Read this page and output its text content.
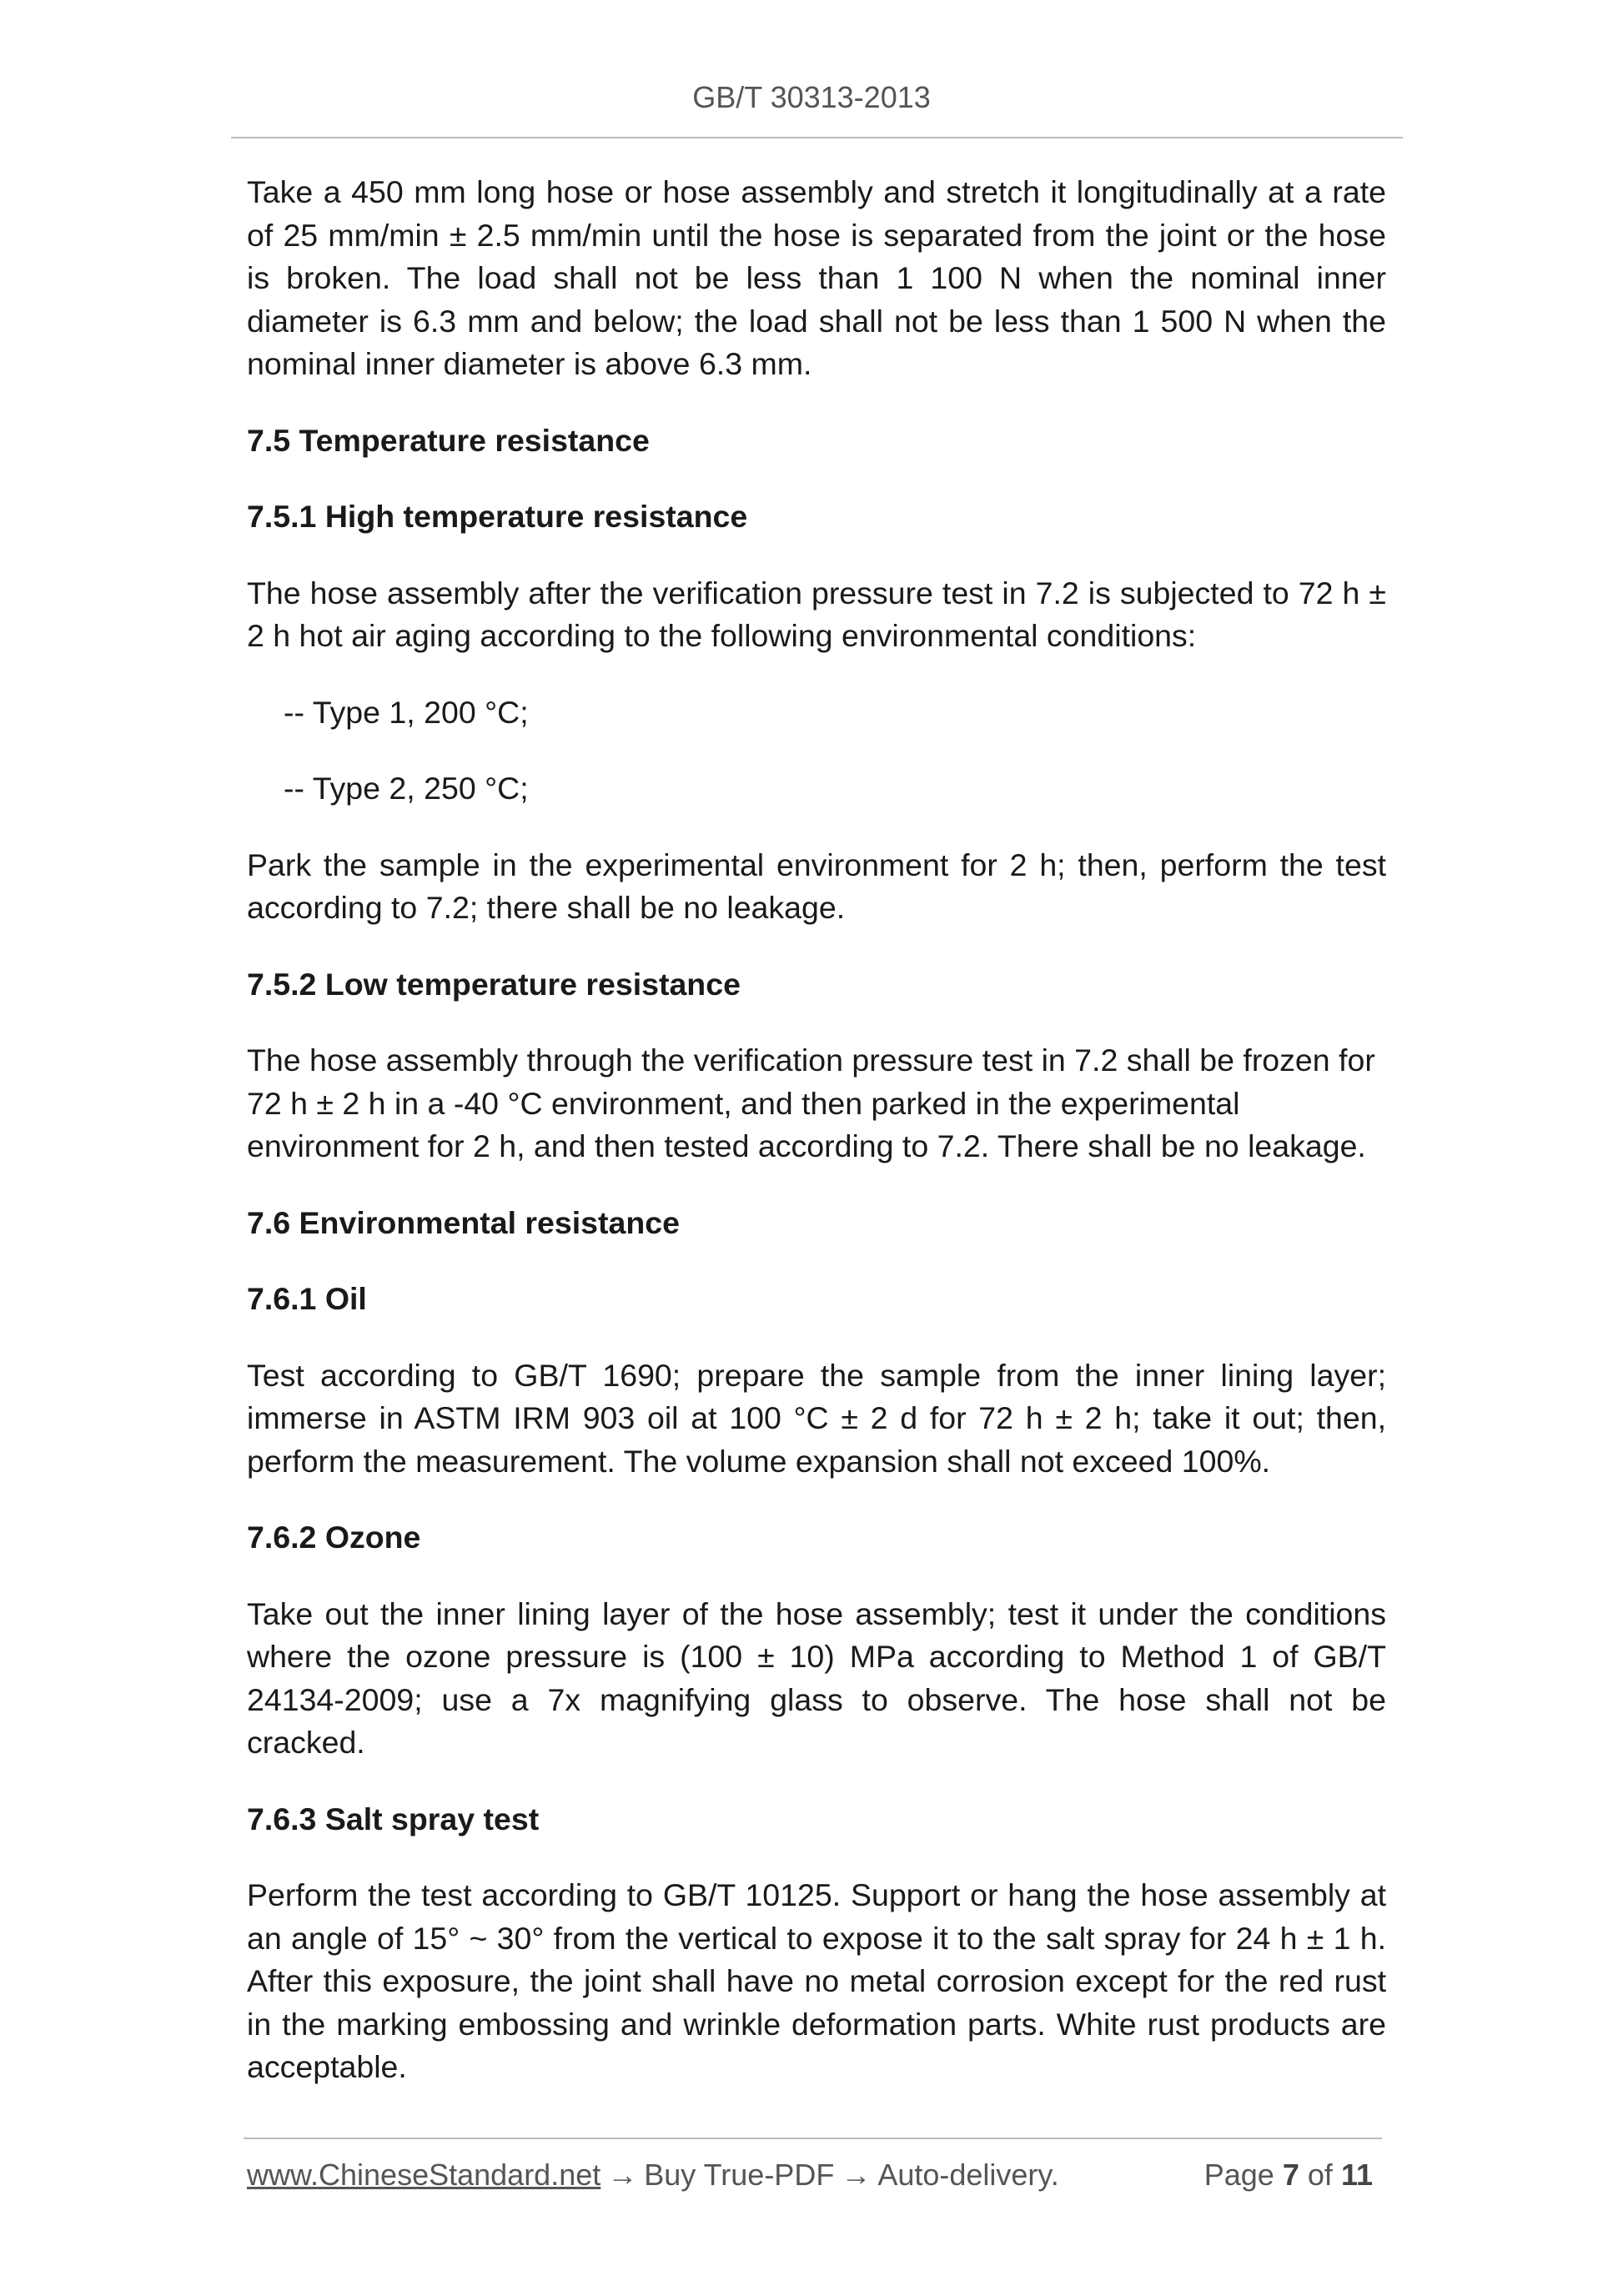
GB/T 30313-2013

Take a 450 mm long hose or hose assembly and stretch it longitudinally at a rate of 25 mm/min ± 2.5 mm/min until the hose is separated from the joint or the hose is broken. The load shall not be less than 1 100 N when the nominal inner diameter is 6.3 mm and below; the load shall not be less than 1 500 N when the nominal inner diameter is above 6.3 mm.

7.5 Temperature resistance
7.5.1 High temperature resistance

The hose assembly after the verification pressure test in 7.2 is subjected to 72 h ± 2 h hot air aging according to the following environmental conditions:

-- Type 1, 200 °C;
-- Type 2, 250 °C;

Park the sample in the experimental environment for 2 h; then, perform the test according to 7.2; there shall be no leakage.

7.5.2 Low temperature resistance

The hose assembly through the verification pressure test in 7.2 shall be frozen for 72 h ± 2 h in a -40 °C environment, and then parked in the experimental environment for 2 h, and then tested according to 7.2. There shall be no leakage.

7.6 Environmental resistance
7.6.1 Oil

Test according to GB/T 1690; prepare the sample from the inner lining layer; immerse in ASTM IRM 903 oil at 100 °C ± 2 d for 72 h ± 2 h; take it out; then, perform the measurement. The volume expansion shall not exceed 100%.

7.6.2 Ozone

Take out the inner lining layer of the hose assembly; test it under the conditions where the ozone pressure is (100 ± 10) MPa according to Method 1 of GB/T 24134-2009; use a 7x magnifying glass to observe. The hose shall not be cracked.

7.6.3 Salt spray test

Perform the test according to GB/T 10125. Support or hang the hose assembly at an angle of 15° ~ 30° from the vertical to expose it to the salt spray for 24 h ± 1 h. After this exposure, the joint shall have no metal corrosion except for the red rust in the marking embossing and wrinkle deformation parts. White rust products are acceptable.

www.ChineseStandard.net → Buy True-PDF → Auto-delivery.	Page 7 of 11
